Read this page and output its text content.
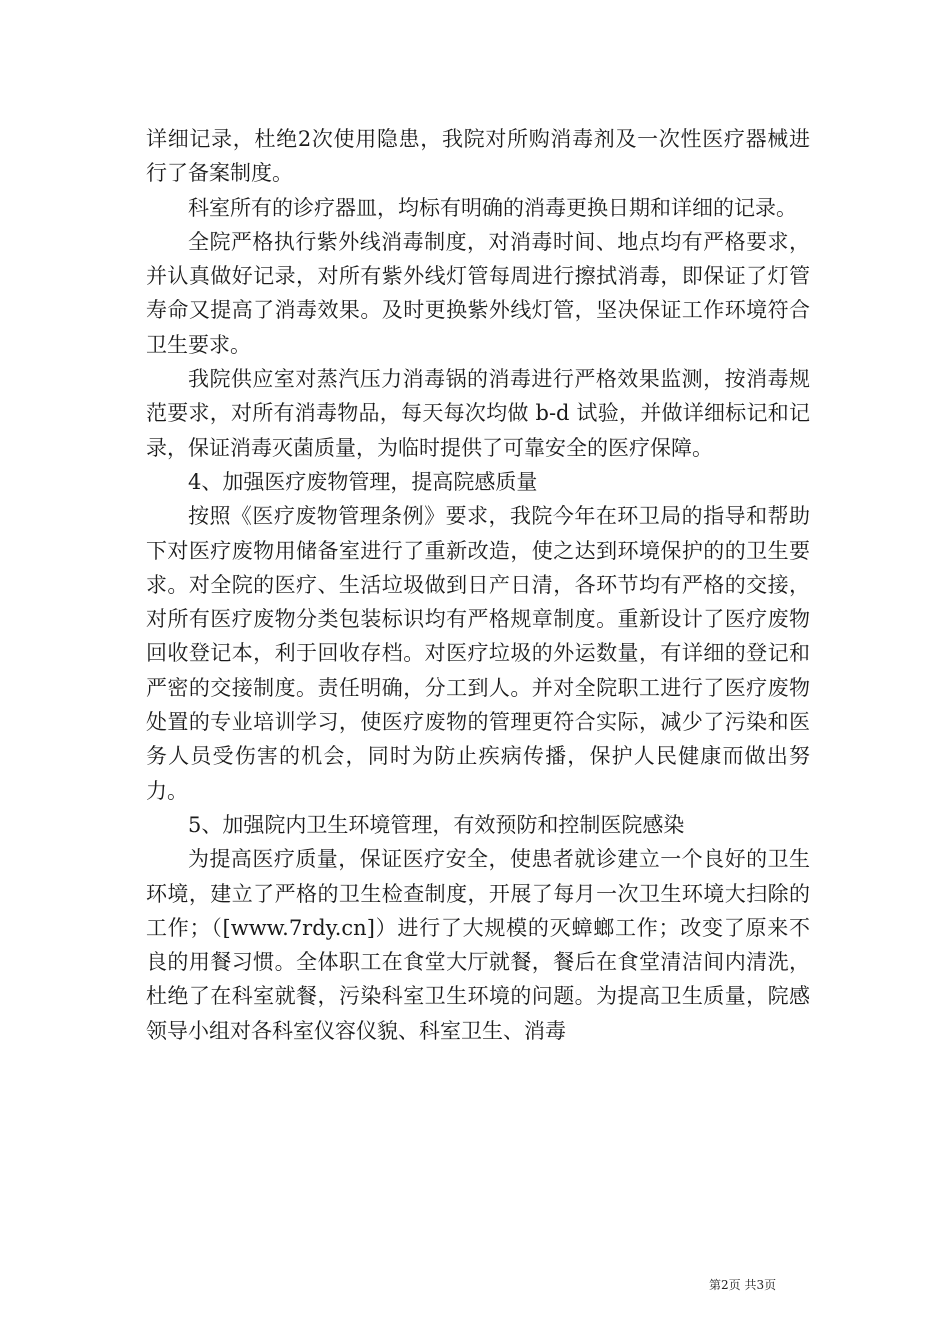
详细记录，杜绝2次使用隐患，我院对所购消毒剂及一次性医疗器械进行了备案制度。

科室所有的诊疗器皿，均标有明确的消毒更换日期和详细的记录。

全院严格执行紫外线消毒制度，对消毒时间、地点均有严格要求，并认真做好记录，对所有紫外线灯管每周进行擦拭消毒，即保证了灯管寿命又提高了消毒效果。及时更换紫外线灯管，坚决保证工作环境符合卫生要求。

我院供应室对蒸汽压力消毒锅的消毒进行严格效果监测，按消毒规范要求，对所有消毒物品，每天每次均做 b-d 试验，并做详细标记和记录，保证消毒灭菌质量，为临时提供了可靠安全的医疗保障。

4、加强医疗废物管理，提高院感质量

按照《医疗废物管理条例》要求，我院今年在环卫局的指导和帮助下对医疗废物用储备室进行了重新改造，使之达到环境保护的的卫生要求。对全院的医疗、生活垃圾做到日产日清，各环节均有严格的交接，对所有医疗废物分类包装标识均有严格规章制度。重新设计了医疗废物回收登记本，利于回收存档。对医疗垃圾的外运数量，有详细的登记和严密的交接制度。责任明确，分工到人。并对全院职工进行了医疗废物处置的专业培训学习，使医疗废物的管理更符合实际，减少了污染和医务人员受伤害的机会，同时为防止疾病传播，保护人民健康而做出努力。

5、加强院内卫生环境管理，有效预防和控制医院感染

为提高医疗质量，保证医疗安全，使患者就诊建立一个良好的卫生环境，建立了严格的卫生检查制度，开展了每月一次卫生环境大扫除的工作；（[www.7rdy.cn]）进行了大规模的灭蟑螂工作；改变了原来不良的用餐习惯。全体职工在食堂大厅就餐，餐后在食堂清洁间内清洗，杜绝了在科室就餐，污染科室卫生环境的问题。为提高卫生质量，院感领导小组对各科室仪容仪貌、科室卫生、消毒

第2页 共3页
